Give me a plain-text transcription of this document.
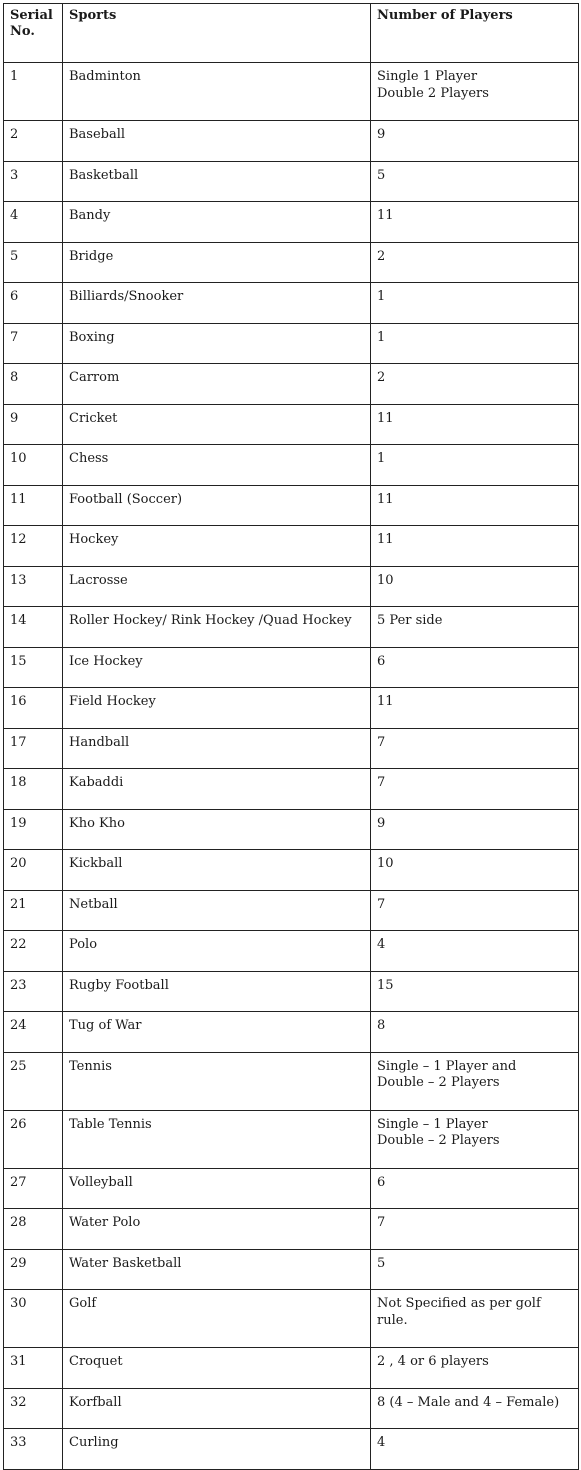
Serial No.	Sports	Number of Players
1	Badminton	Single 1 Player
Double 2 Players
2	Baseball	9
3	Basketball	5
4	Bandy	11
5	Bridge	2
6	Billiards/Snooker	1
7	Boxing	1
8	Carrom	2
9	Cricket	11
10	Chess	1
11	Football (Soccer)	11
12	Hockey	11
13	Lacrosse	10
14	Roller Hockey/ Rink Hockey /Quad Hockey	5 Per side
15	Ice Hockey	6
16	Field Hockey	11
17	Handball	7
18	Kabaddi	7
19	Kho Kho	9
20	Kickball	10
21	Netball	7
22	Polo	4
23	Rugby Football	15
24	Tug of War	8
25	Tennis	Single – 1 Player and
Double – 2 Players
26	Table Tennis	Single – 1 Player
Double – 2 Players
27	Volleyball	6
28	Water Polo	7
29	Water Basketball	5
30	Golf	Not Specified as per golf
rule.
31	Croquet	2 , 4 or 6 players
32	Korfball	8 (4 – Male and 4 – Female)
33	Curling	4
